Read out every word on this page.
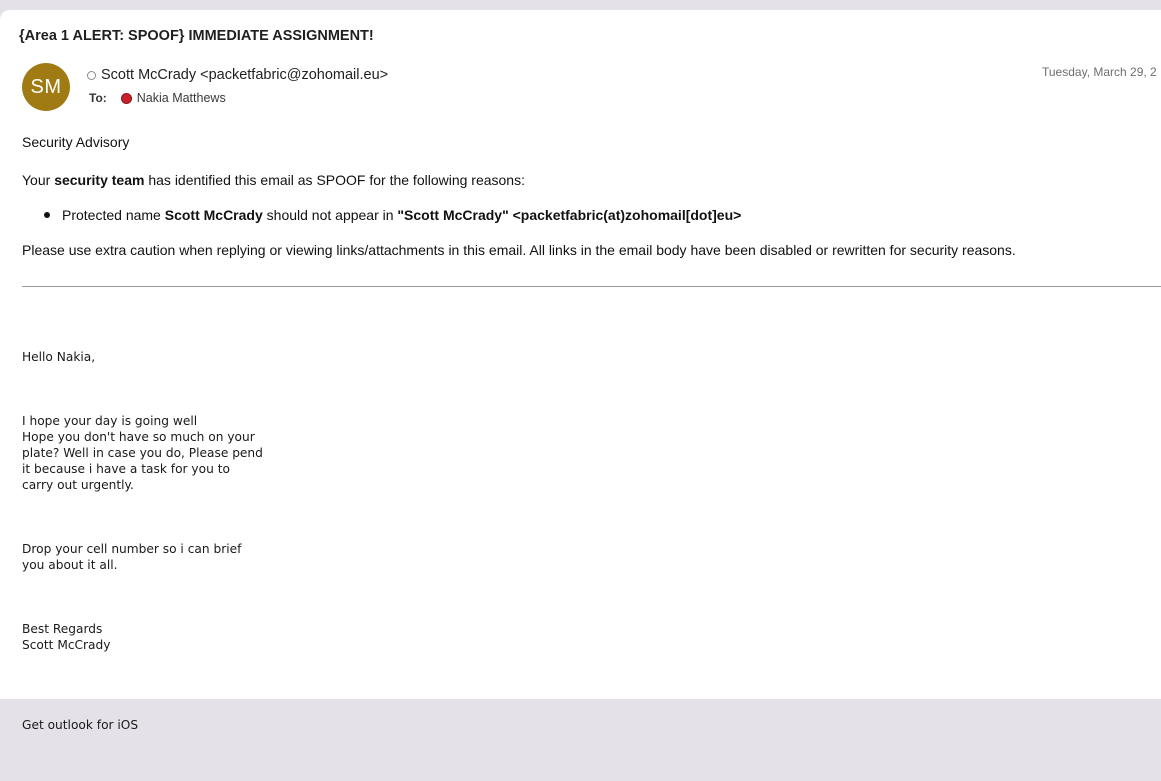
{Area 1 ALERT: SPOOF} IMMEDIATE ASSIGNMENT!
SM
Scott McCrady <packetfabric@zohomail.eu>
To: Nakia Matthews
Tuesday, March 29, 2

Security Advisory

Your security team has identified this email as SPOOF for the following reasons:

Protected name Scott McCrady should not appear in "Scott McCrady" <packetfabric(at)zohomail[dot]eu>

Please use extra caution when replying or viewing links/attachments in this email. All links in the email body have been disabled or rewritten for security reasons.

Hello Nakia,

I hope your day is going well
Hope you don't have so much on your
plate? Well in case you do, Please pend
it because i have a task for you to
carry out urgently.

Drop your cell number so i can brief
you about it all.

Best Regards
Scott McCrady

Get outlook for iOS
